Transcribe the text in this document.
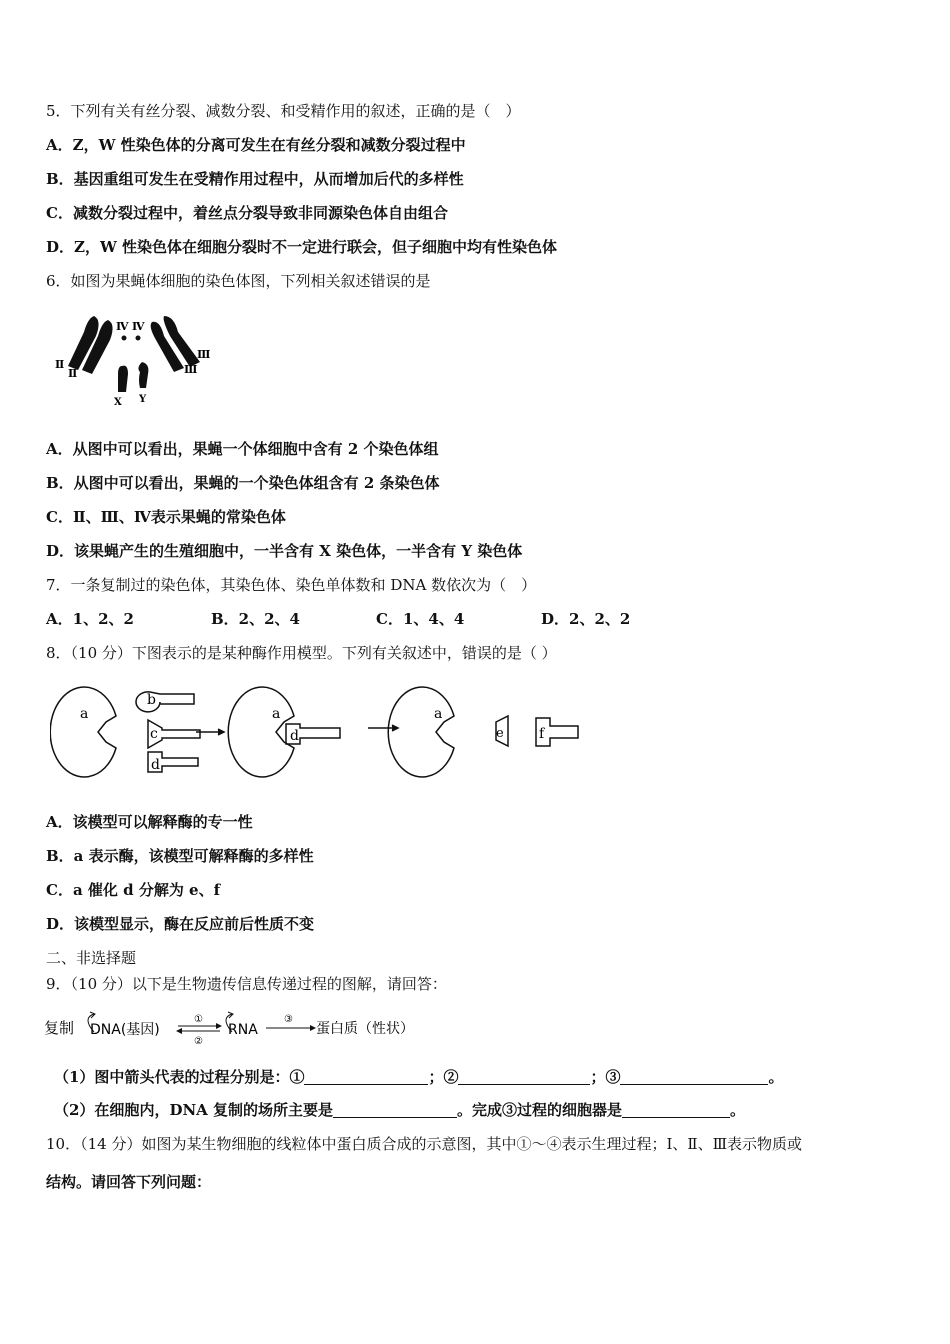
5．下列有关有丝分裂、减数分裂、和受精作用的叙述，正确的是（　）
A．Z，W 性染色体的分离可发生在有丝分裂和减数分裂过程中
B．基因重组可发生在受精作用过程中，从而增加后代的多样性
C．减数分裂过程中，着丝点分裂导致非同源染色体自由组合
D．Z，W 性染色体在细胞分裂时不一定进行联会，但子细胞中均有性染色体
6．如图为果蝇体细胞的染色体图，下列相关叙述错误的是
Ⅳ Ⅳ
Ⅱ
Ⅱ
Ⅲ
Ⅲ
X Y
A．从图中可以看出，果蝇一个体细胞中含有 2 个染色体组
B．从图中可以看出，果蝇的一个染色体组含有 2 条染色体
C．Ⅱ、Ⅲ、Ⅳ表示果蝇的常染色体
D．该果蝇产生的生殖细胞中，一半含有 X 染色体，一半含有 Y 染色体
7．一条复制过的染色体，其染色体、染色单体数和 DNA 数依次为（　）
A．1、2、2	B．2、2、4	C．1、4、4	D．2、2、2
8．（10 分）下图表示的是某种酶作用模型。下列有关叙述中，错误的是（ ）
a
b
c
d
a
d
a
e	f
A．该模型可以解释酶的专一性
B．a 表示酶，该模型可解释酶的多样性
C．a 催化 d 分解为 e、f
D．该模型显示，酶在反应前后性质不变
二、非选择题
9．（10 分）以下是生物遗传信息传递过程的图解，请回答：
复制 DNA(基因)
①
②
RNA
③
蛋白质（性状）
（1）图中箭头代表的过程分别是：①	；②	；③	。
（2）在细胞内，DNA 复制的场所主要是	。完成③过程的细胞器是	。
10．（14 分）如图为某生物细胞的线粒体中蛋白质合成的示意图，其中①～④表示生理过程；Ⅰ、Ⅱ、Ⅲ表示物质或
结构。请回答下列问题：
